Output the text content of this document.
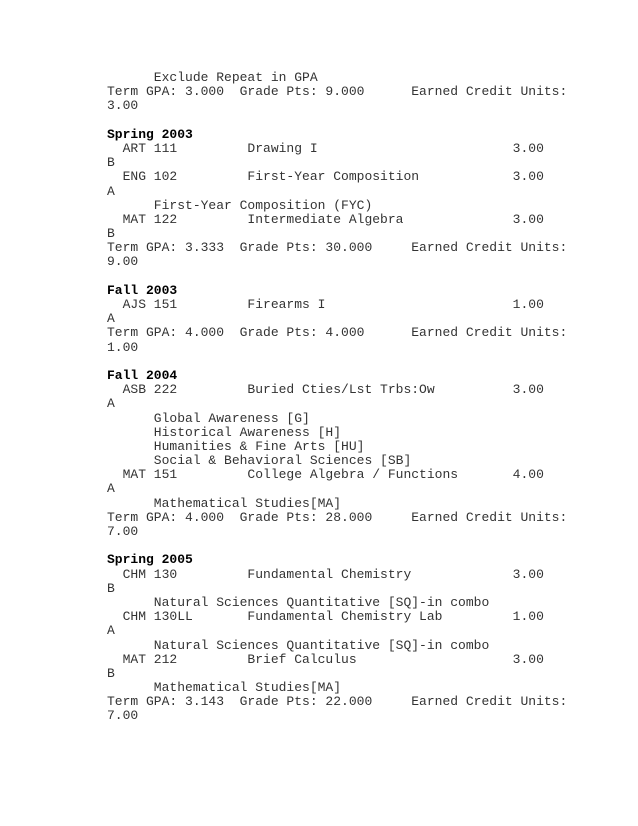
Exclude Repeat in GPA
Term GPA: 3.000  Grade Pts: 9.000      Earned Credit Units:
3.00
Spring 2003
ART 111         Drawing I                         3.00
B
ENG 102         First-Year Composition            3.00
A
First-Year Composition (FYC)
MAT 122         Intermediate Algebra              3.00
B
Term GPA: 3.333  Grade Pts: 30.000     Earned Credit Units:
9.00
Fall 2003
AJS 151         Firearms I                        1.00
A
Term GPA: 4.000  Grade Pts: 4.000      Earned Credit Units:
1.00
Fall 2004
ASB 222         Buried Cties/Lst Trbs:Ow          3.00
A
Global Awareness [G]
Historical Awareness [H]
Humanities & Fine Arts [HU]
Social & Behavioral Sciences [SB]
MAT 151         College Algebra / Functions       4.00
A
Mathematical Studies[MA]
Term GPA: 4.000  Grade Pts: 28.000     Earned Credit Units:
7.00
Spring 2005
CHM 130         Fundamental Chemistry             3.00
B
Natural Sciences Quantitative [SQ]-in combo
CHM 130LL       Fundamental Chemistry Lab         1.00
A
Natural Sciences Quantitative [SQ]-in combo
MAT 212         Brief Calculus                    3.00
B
Mathematical Studies[MA]
Term GPA: 3.143  Grade Pts: 22.000     Earned Credit Units:
7.00
